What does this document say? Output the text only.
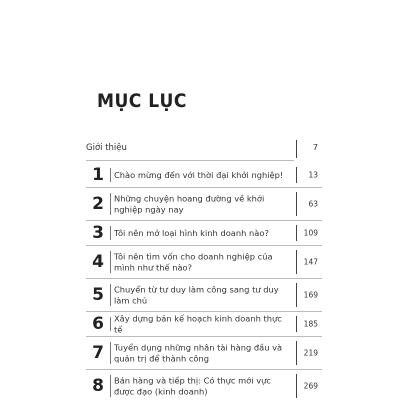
MỤC LỤC
Giới thiệu	7
1 Chào mừng đến với thời đại khởi nghiệp!	13
2 Những chuyện hoang đường về khởi nghiệp ngày nay	63
3 Tôi nên mở loại hình kinh doanh nào?	109
4 Tôi nên tìm vốn cho doanh nghiệp của mình như thế nào?	147
5 Chuyển từ tư duy làm công sang tư duy làm chủ	169
6 Xây dựng bản kế hoạch kinh doanh thực tế	185
7 Tuyển dụng những nhân tài hàng đầu và quản trị để thành công	219
8 Bán hàng và tiếp thị: Có thực mới vực được đạo (kinh doanh)	269
